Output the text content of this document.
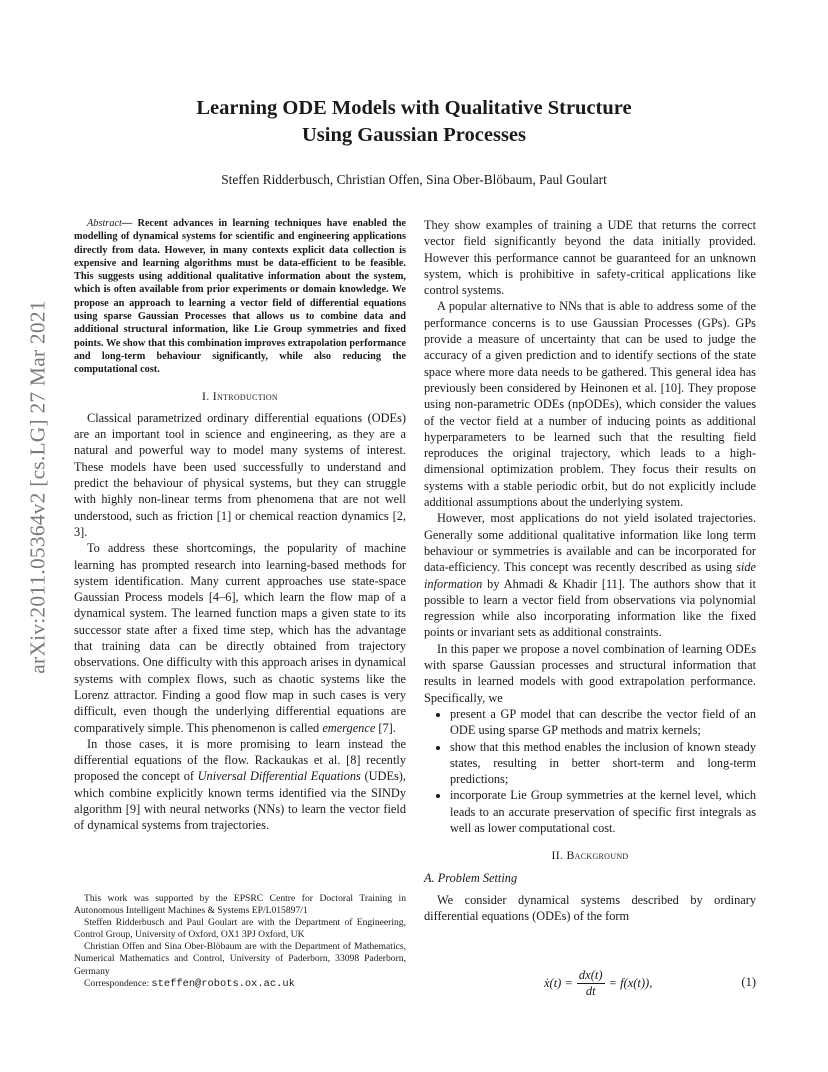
arXiv:2011.05364v2 [cs.LG] 27 Mar 2021
Learning ODE Models with Qualitative Structure
Using Gaussian Processes
Steffen Ridderbusch, Christian Offen, Sina Ober-Blöbaum, Paul Goulart

Abstract— Recent advances in learning techniques have enabled the modelling of dynamical systems for scientific and engineering applications directly from data. However, in many contexts explicit data collection is expensive and learning algorithms must be data-efficient to be feasible. This suggests using additional qualitative information about the system, which is often available from prior experiments or domain knowledge. We propose an approach to learning a vector field of differential equations using sparse Gaussian Processes that allows us to combine data and additional structural information, like Lie Group symmetries and fixed points. We show that this combination improves extrapolation performance and long-term behaviour significantly, while also reducing the computational cost.

I. Introduction

Classical parametrized ordinary differential equations (ODEs) are an important tool in science and engineering, as they are a natural and powerful way to model many systems of interest. These models have been used successfully to understand and predict the behaviour of physical systems, but they can struggle with highly non-linear terms from phenomena that are not well understood, such as friction [1] or chemical reaction dynamics [2, 3].

To address these shortcomings, the popularity of machine learning has prompted research into learning-based methods for system identification. Many current approaches use state-space Gaussian Process models [4–6], which learn the flow map of a dynamical system. The learned function maps a given state to its successor state after a fixed time step, which has the advantage that training data can be directly obtained from trajectory observations. One difficulty with this approach arises in dynamical systems with complex flows, such as chaotic systems like the Lorenz attractor. Finding a good flow map in such cases is very difficult, even though the underlying differential equations are comparatively simple. This phenomenon is called emergence [7].

In those cases, it is more promising to learn instead the differential equations of the flow. Rackaukas et al. [8] recently proposed the concept of Universal Differential Equations (UDEs), which combine explicitly known terms identified via the SINDy algorithm [9] with neural networks (NNs) to learn the vector field of dynamical systems from trajectories.

This work was supported by the EPSRC Centre for Doctoral Training in Autonomous Intelligent Machines & Systems EP/L015897/1

Steffen Ridderbusch and Paul Goulart are with the Department of Engineering, Control Group, University of Oxford, OX1 3PJ Oxford, UK

Christian Offen and Sina Ober-Blöbaum are with the Department of Mathematics, Numerical Mathematics and Control, University of Paderborn, 33098 Paderborn, Germany

Correspondence: steffen@robots.ox.ac.uk

They show examples of training a UDE that returns the correct vector field significantly beyond the data initially provided. However this performance cannot be guaranteed for an unknown system, which is prohibitive in safety-critical applications like control systems.

A popular alternative to NNs that is able to address some of the performance concerns is to use Gaussian Processes (GPs). GPs provide a measure of uncertainty that can be used to judge the accuracy of a given prediction and to identify sections of the state space where more data needs to be gathered. This general idea has previously been considered by Heinonen et al. [10]. They propose using non-parametric ODEs (npODEs), which consider the values of the vector field at a number of inducing points as additional hyperparameters to be learned such that the resulting field reproduces the original trajectory, which leads to a high-dimensional optimization problem. They focus their results on systems with a stable periodic orbit, but do not explicitly include additional assumptions about the underlying system.

However, most applications do not yield isolated trajectories. Generally some additional qualitative information like long term behaviour or symmetries is available and can be incorporated for data-efficiency. This concept was recently described as using side information by Ahmadi & Khadir [11]. The authors show that it possible to learn a vector field from observations via polynomial regression while also incorporating information like the fixed points or invariant sets as additional constraints.

In this paper we propose a novel combination of learning ODEs with sparse Gaussian processes and structural information that results in learned models with good extrapolation performance. Specifically, we

• present a GP model that can describe the vector field of an ODE using sparse GP methods and matrix kernels;
• show that this method enables the inclusion of known steady states, resulting in better short-term and long-term predictions;
• incorporate Lie Group symmetries at the kernel level, which leads to an accurate preservation of specific first integrals as well as lower computational cost.
II. Background
A. Problem Setting

We consider dynamical systems described by ordinary differential equations (ODEs) of the form

ẋ(t) = $\frac{dx(t)}{dt} = f(x(t))$,	(1)
